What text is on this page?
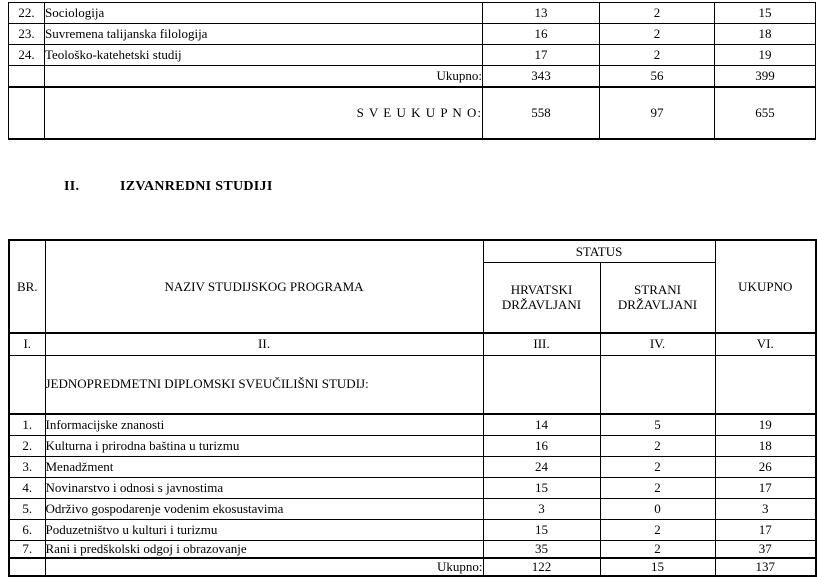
22.	Sociologija	13	2	15
23.	Suvremena talijanska filologija	16	2	18
24.	Teološko-katehetski studij	17	2	19
	Ukupno:	343	56	399
	S V E U K U P N O:	558	97	655
II.	IZVANREDNI STUDIJI
BR.	NAZIV STUDIJSKOG PROGRAMA	STATUS		UKUPNO
		HRVATSKI DRŽAVLJANI	STRANI DRŽAVLJANI	
I.	II.	III.	IV.	VI.
	JEDNOPREDMETNI DIPLOMSKI SVEUČILIŠNI STUDIJ:			
1.	Informacijske znanosti	14	5	19
2.	Kulturna i prirodna baština u turizmu	16	2	18
3.	Menadžment	24	2	26
4.	Novinarstvo i odnosi s javnostima	15	2	17
5.	Održivo gospodarenje vodenim ekosustavima	3	0	3
6.	Poduzetništvo u kulturi i turizmu	15	2	17
7.	Rani i predškolski odgoj i obrazovanje	35	2	37
	Ukupno:	122	15	137
